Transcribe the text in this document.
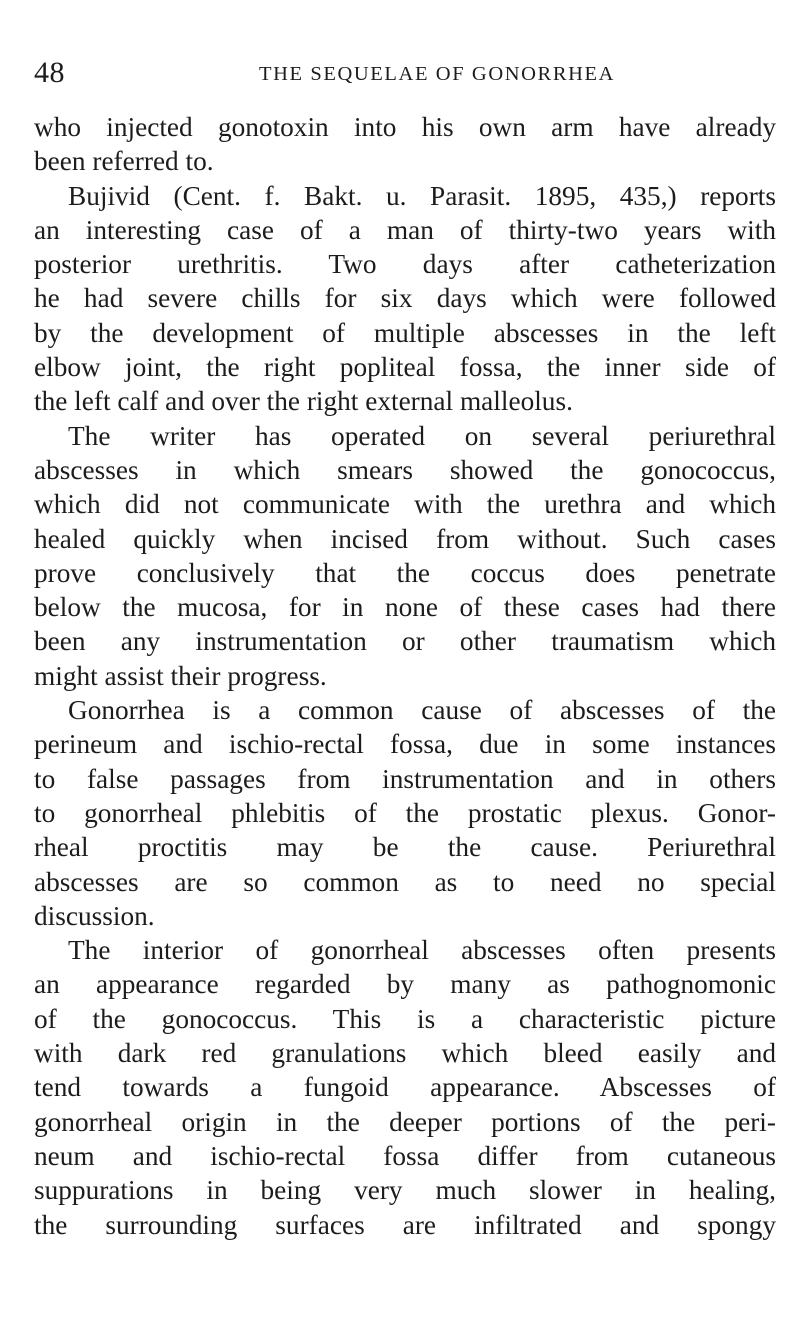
48	THE SEQUELAE OF GONORRHEA
who injected gonotoxin into his own arm have already
been referred to.
Bujivid (Cent. f. Bakt. u. Parasit. 1895, 435,) reports
an interesting case of a man of thirty-two years with
posterior urethritis. Two days after catheterization
he had severe chills for six days which were followed
by the development of multiple abscesses in the left
elbow joint, the right popliteal fossa, the inner side of
the left calf and over the right external malleolus.
The writer has operated on several periurethral
abscesses in which smears showed the gonococcus,
which did not communicate with the urethra and which
healed quickly when incised from without. Such cases
prove conclusively that the coccus does penetrate
below the mucosa, for in none of these cases had there
been any instrumentation or other traumatism which
might assist their progress.
Gonorrhea is a common cause of abscesses of the
perineum and ischio-rectal fossa, due in some instances
to false passages from instrumentation and in others
to gonorrheal phlebitis of the prostatic plexus. Gonor-
rheal proctitis may be the cause. Periurethral
abscesses are so common as to need no special
discussion.
The interior of gonorrheal abscesses often presents
an appearance regarded by many as pathognomonic
of the gonococcus. This is a characteristic picture
with dark red granulations which bleed easily and
tend towards a fungoid appearance. Abscesses of
gonorrheal origin in the deeper portions of the peri-
neum and ischio-rectal fossa differ from cutaneous
suppurations in being very much slower in healing,
the surrounding surfaces are infiltrated and spongy
